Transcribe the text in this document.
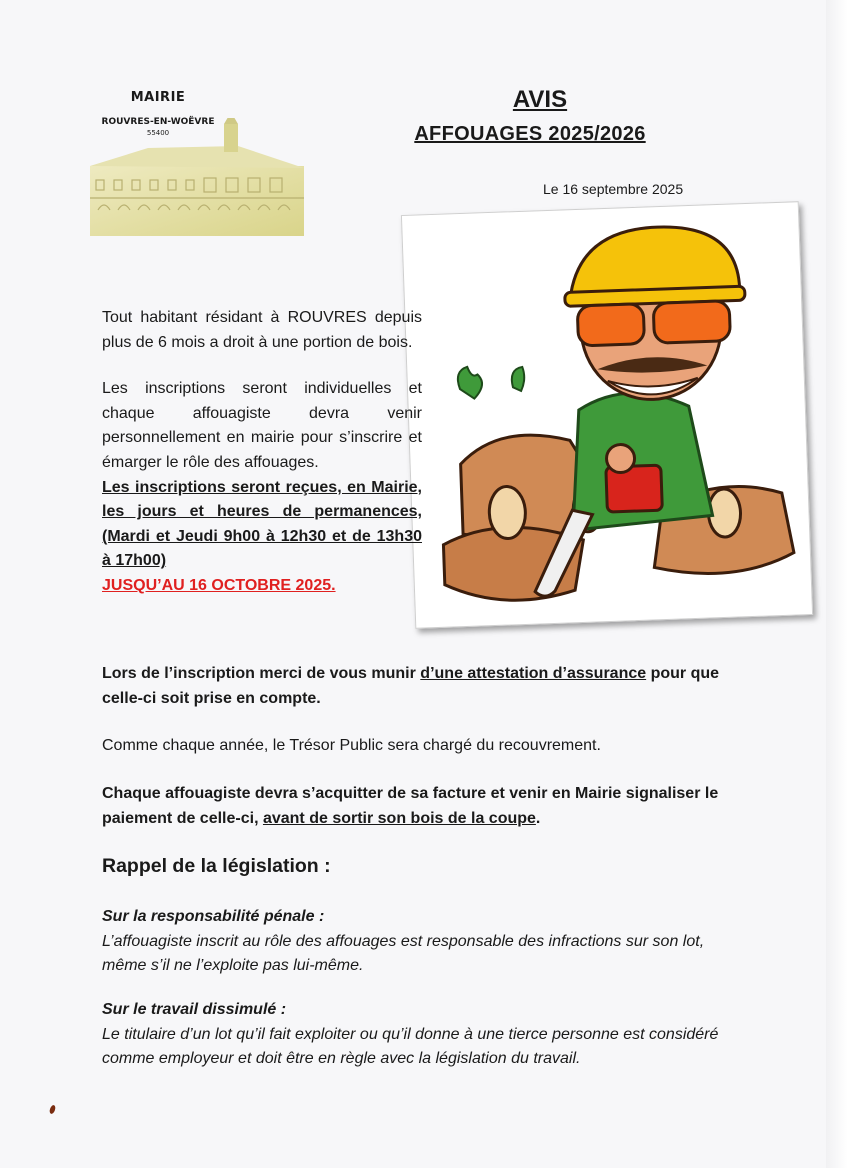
MAIRIE
ROUVRES-EN-WOËVRE
55400
AVIS
AFFOUAGES 2025/2026
Le 16 septembre 2025

Tout habitant résidant à ROUVRES depuis plus de 6 mois a droit à une portion de bois.

Les inscriptions seront individuelles et chaque affouagiste devra venir personnellement en mairie pour s’inscrire et émarger le rôle des affouages.

Les inscriptions seront reçues, en Mairie, les jours et heures de permanences, (Mardi et Jeudi 9h00 à 12h30 et de 13h30 à 17h00)

JUSQU’AU 16 OCTOBRE 2025.

Lors de l’inscription merci de vous munir d’une attestation d’assurance pour que celle-ci soit prise en compte.

Comme chaque année, le Trésor Public sera chargé du recouvrement.

Chaque affouagiste devra s’acquitter de sa facture et venir en Mairie signaliser le paiement de celle-ci, avant de sortir son bois de la coupe.

Rappel de la législation :

Sur la responsabilité pénale :

L’affouagiste inscrit au rôle des affouages est responsable des infractions sur son lot, même s’il ne l’exploite pas lui-même.

Sur le travail dissimulé :

Le titulaire d’un lot qu’il fait exploiter ou qu’il donne à une tierce personne est considéré comme employeur et doit être en règle avec la législation du travail.
